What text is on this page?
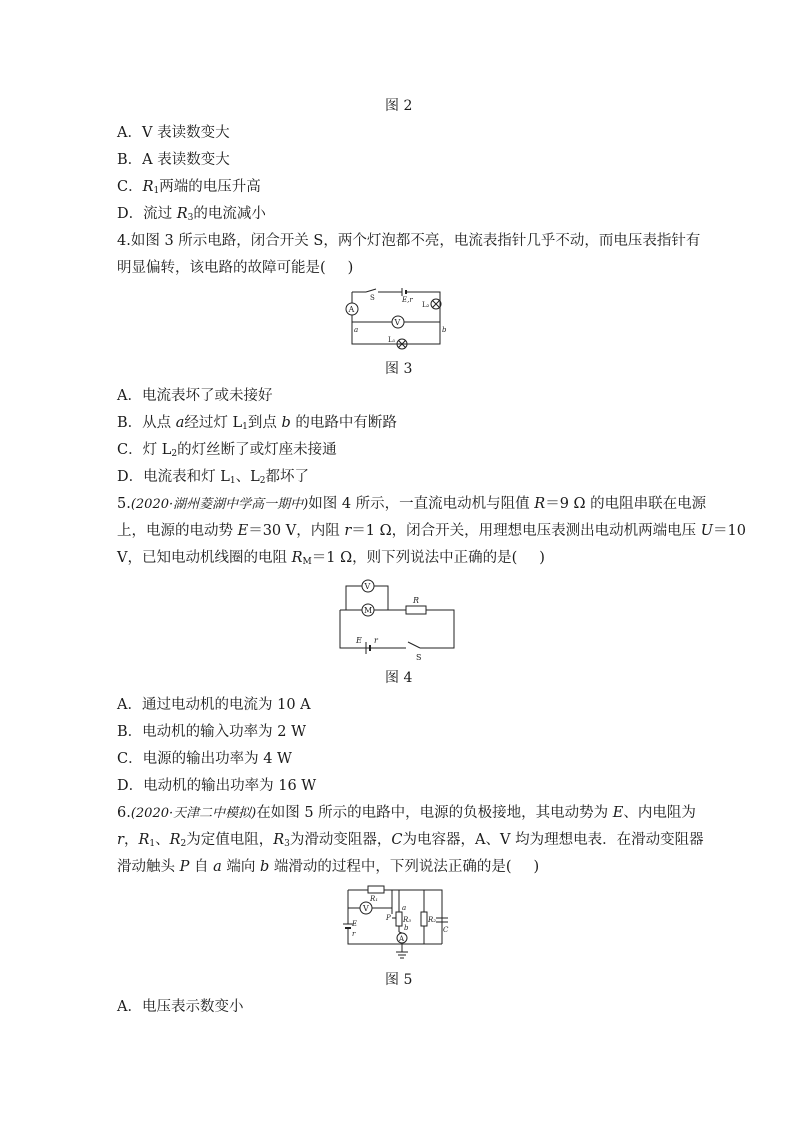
图 2
A．V 表读数变大
B．A 表读数变大
C．$R_1$两端的电压升高
D．流过 $R_3$的电流减小
4.如图 3 所示电路，闭合开关 S，两个灯泡都不亮，电流表指针几乎不动，而电压表指针有
明显偏转，该电路的故障可能是( )
A
V
S	E,r
L₂
L₁
a	b
图 3
A．电流表坏了或未接好
B．从点 a经过灯 $L_1$到点 b 的电路中有断路
C．灯 $L_2$的灯丝断了或灯座未接通
D．电流表和灯 $L_1$、$L_2$都坏了
5.(2020·湖州菱湖中学高一期中)如图 4 所示，一直流电动机与阻值 R＝9 Ω 的电阻串联在电源
上，电源的电动势 E＝30 V，内阻 r＝1 Ω，闭合开关，用理想电压表测出电动机两端电压 U＝10
V，已知电动机线圈的电阻 $R_M=1$ Ω，则下列说法中正确的是( )
V
M
R
E r
S
图 4
A．通过电动机的电流为 10 A
B．电动机的输入功率为 2 W
C．电源的输出功率为 4 W
D．电动机的输出功率为 16 W
6.(2020·天津二中模拟)在如图 5 所示的电路中，电源的负极接地，其电动势为 E、内电阻为
r，$R_1$、$R_2$为定值电阻，$R_3$为滑动变阻器，C为电容器，A、V 均为理想电表．在滑动变阻器
滑动触头 P 自 a 端向 b 端滑动的过程中，下列说法正确的是( )
R₁
V
E
r
P
a
b
R₃ R₂
C
A
图 5
A．电压表示数变小
